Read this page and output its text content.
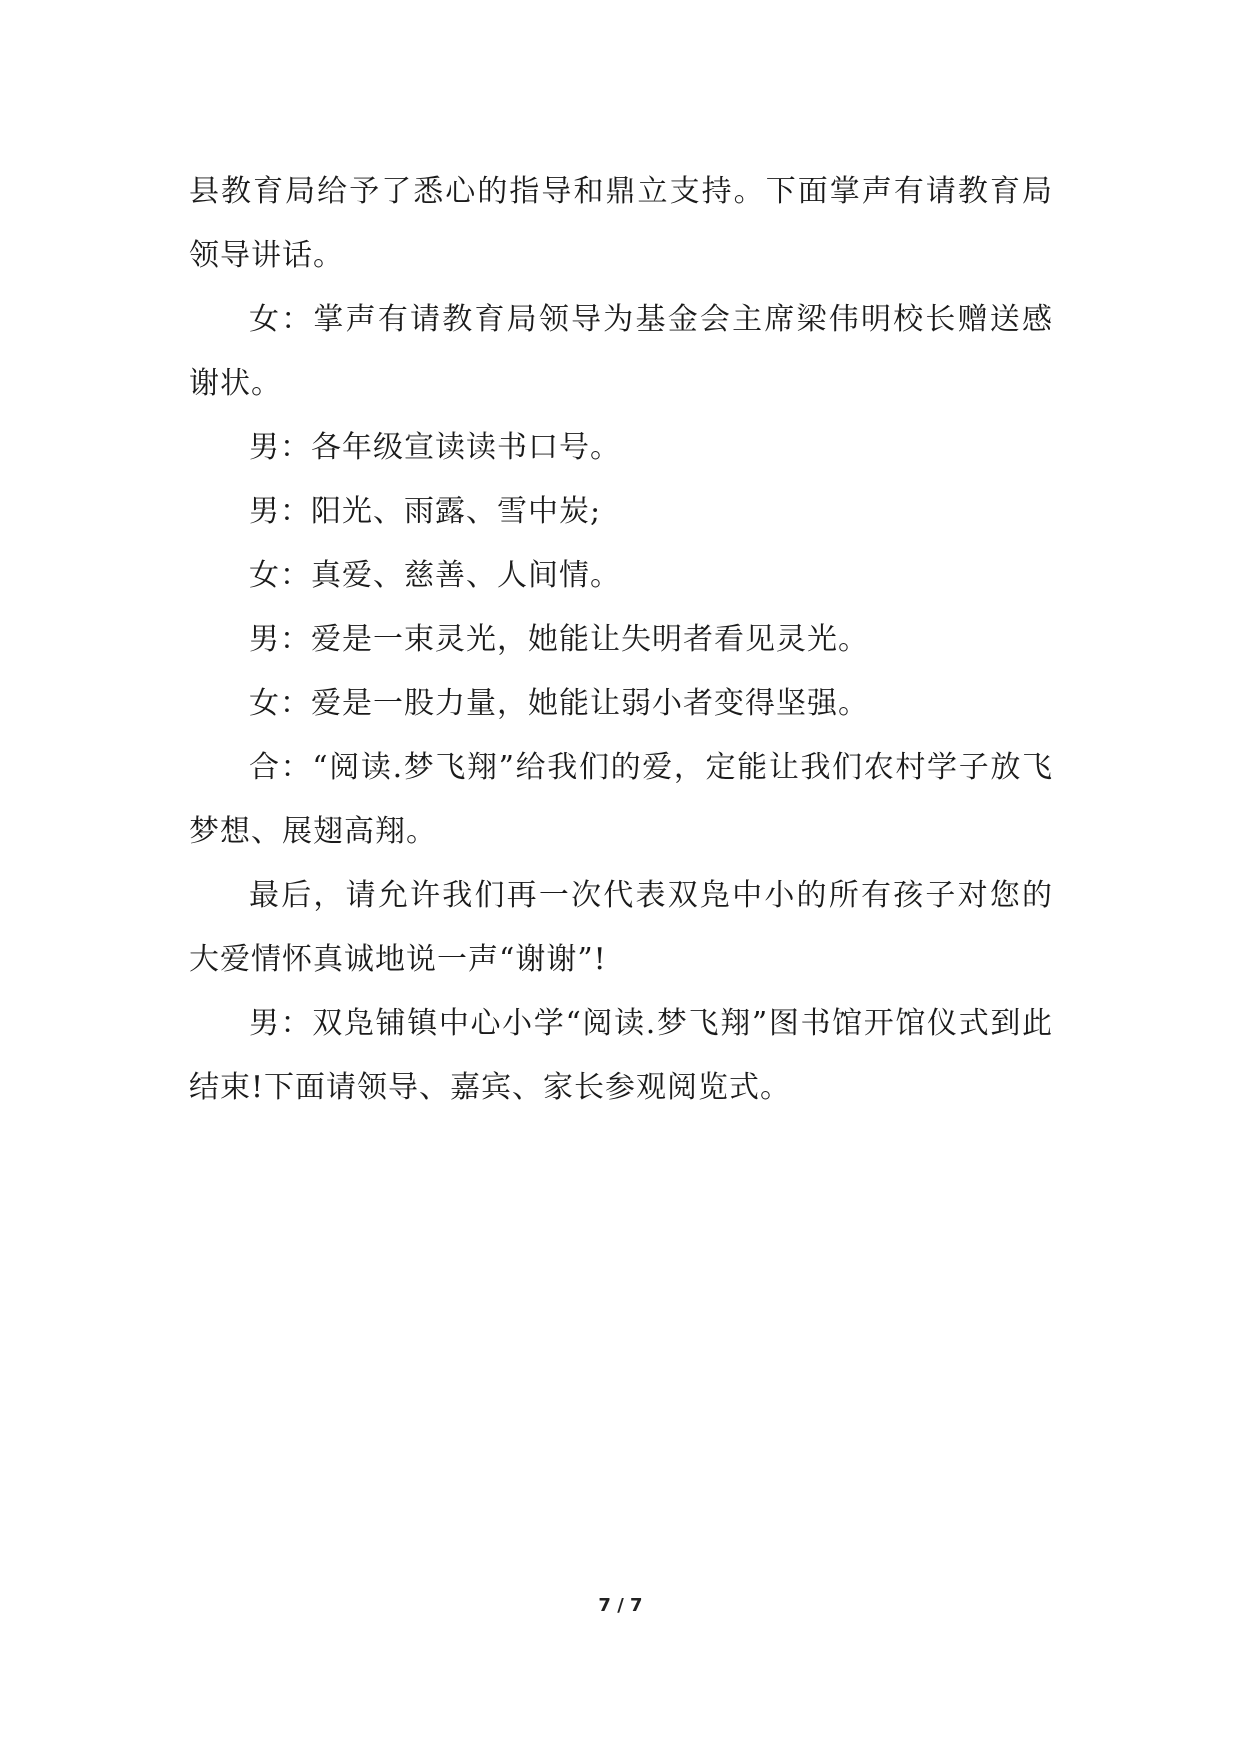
县教育局给予了悉心的指导和鼎立支持。下面掌声有请教育局领导讲话。

女：掌声有请教育局领导为基金会主席梁伟明校长赠送感谢状。

男：各年级宣读读书口号。

男：阳光、雨露、雪中炭;

女：真爱、慈善、人间情。

男：爱是一束灵光，她能让失明者看见灵光。

女：爱是一股力量，她能让弱小者变得坚强。

合：“阅读.梦飞翔”给我们的爱，定能让我们农村学子放飞梦想、展翅高翔。

最后，请允许我们再一次代表双凫中小的所有孩子对您的大爱情怀真诚地说一声“谢谢”!

男：双凫铺镇中心小学“阅读.梦飞翔”图书馆开馆仪式到此结束!下面请领导、嘉宾、家长参观阅览式。

7 / 7
